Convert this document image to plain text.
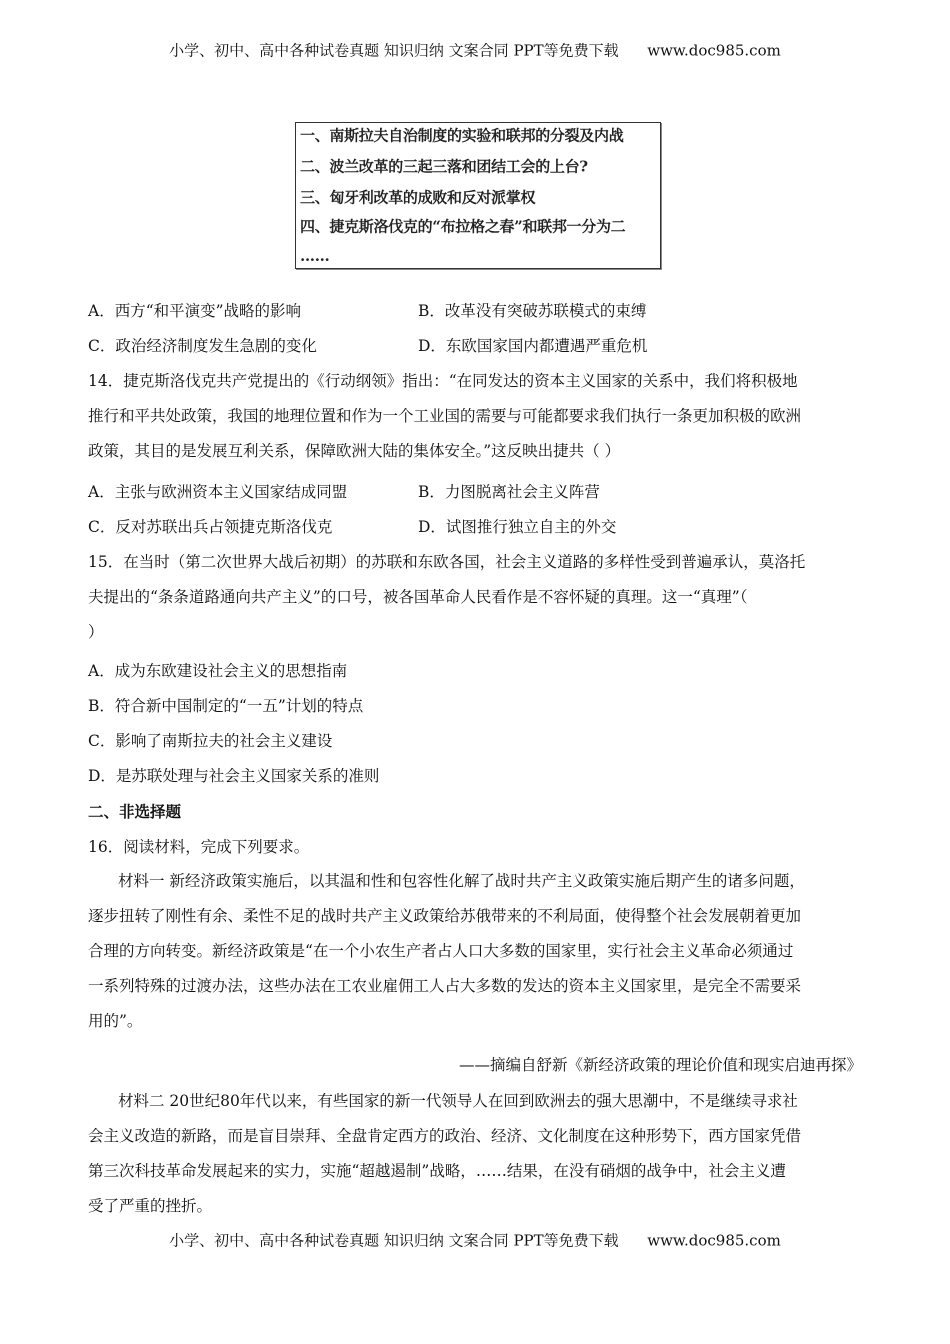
小学、初中、高中各种试卷真题 知识归纳 文案合同 PPT等免费下载      www.doc985.com
一、南斯拉夫自治制度的实验和联邦的分裂及内战
二、波兰改革的三起三落和团结工会的上台?
三、匈牙利改革的成败和反对派掌权
四、捷克斯洛伐克的“布拉格之春”和联邦一分为二
……
A．西方“和平演变”战略的影响	B．改革没有突破苏联模式的束缚
C．政治经济制度发生急剧的变化	D．东欧国家国内都遭遇严重危机
14．捷克斯洛伐克共产党提出的《行动纲领》指出：“在同发达的资本主义国家的关系中，我们将积极地
推行和平共处政策，我国的地理位置和作为一个工业国的需要与可能都要求我们执行一条更加积极的欧洲
政策，其目的是发展互利关系，保障欧洲大陆的集体安全。”这反映出捷共（ ）
A．主张与欧洲资本主义国家结成同盟	B．力图脱离社会主义阵营
C．反对苏联出兵占领捷克斯洛伐克	D．试图推行独立自主的外交
15．在当时（第二次世界大战后初期）的苏联和东欧各国，社会主义道路的多样性受到普遍承认，莫洛托
夫提出的“条条道路通向共产主义”的口号，被各国革命人民看作是不容怀疑的真理。这一“真理”（
）
A．成为东欧建设社会主义的思想指南
B．符合新中国制定的“一五”计划的特点
C．影响了南斯拉夫的社会主义建设
D．是苏联处理与社会主义国家关系的准则
二、非选择题
16．阅读材料，完成下列要求。
材料一 新经济政策实施后，以其温和性和包容性化解了战时共产主义政策实施后期产生的诸多问题，
逐步扭转了刚性有余、柔性不足的战时共产主义政策给苏俄带来的不利局面，使得整个社会发展朝着更加
合理的方向转变。新经济政策是“在一个小农生产者占人口大多数的国家里，实行社会主义革命必须通过
一系列特殊的过渡办法，这些办法在工农业雇佣工人占大多数的发达的资本主义国家里，是完全不需要采
用的”。
——摘编自舒新《新经济政策的理论价值和现实启迪再探》
材料二 20世纪80年代以来，有些国家的新一代领导人在回到欧洲去的强大思潮中，不是继续寻求社
会主义改造的新路，而是盲目崇拜、全盘肯定西方的政治、经济、文化制度在这种形势下，西方国家凭借
第三次科技革命发展起来的实力，实施“超越遏制”战略，……结果，在没有硝烟的战争中，社会主义遭
受了严重的挫折。
小学、初中、高中各种试卷真题 知识归纳 文案合同 PPT等免费下载      www.doc985.com
